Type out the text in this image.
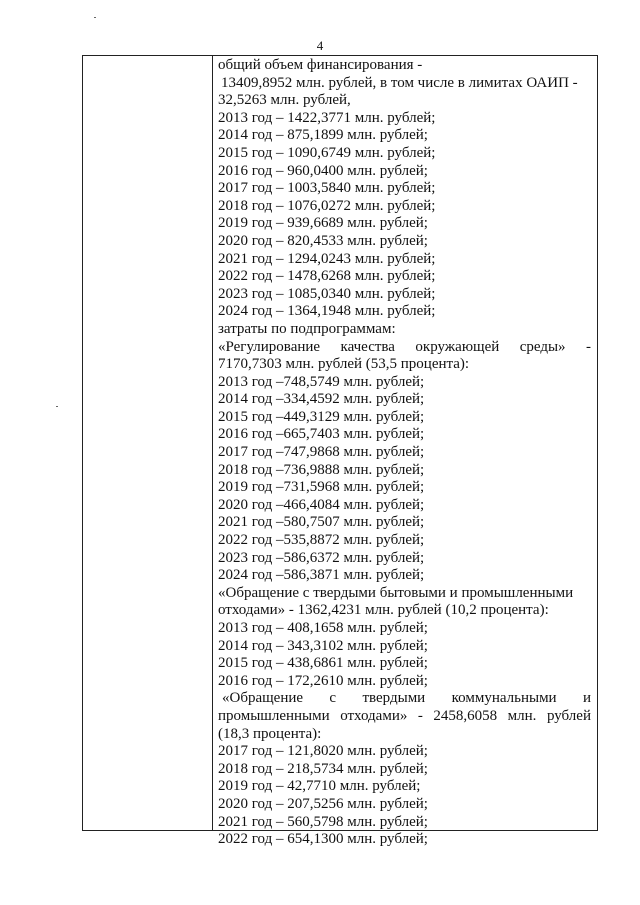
4
общий объем финансирования -
13409,8952 млн. рублей, в том числе в лимитах ОАИП -
32,5263 млн. рублей,
2013 год – 1422,3771 млн. рублей;
2014 год – 875,1899 млн. рублей;
2015 год – 1090,6749 млн. рублей;
2016 год – 960,0400 млн. рублей;
2017 год – 1003,5840 млн. рублей;
2018 год – 1076,0272 млн. рублей;
2019 год – 939,6689 млн. рублей;
2020 год – 820,4533 млн. рублей;
2021 год – 1294,0243 млн. рублей;
2022 год – 1478,6268 млн. рублей;
2023 год – 1085,0340 млн. рублей;
2024 год – 1364,1948 млн. рублей;
затраты по подпрограммам:
«Регулирование качества окружающей среды» -
7170,7303 млн. рублей (53,5 процента):
2013 год –748,5749 млн. рублей;
2014 год –334,4592 млн. рублей;
2015 год –449,3129 млн. рублей;
2016 год –665,7403 млн. рублей;
2017 год –747,9868 млн. рублей;
2018 год –736,9888 млн. рублей;
2019 год –731,5968 млн. рублей;
2020 год –466,4084 млн. рублей;
2021 год –580,7507 млн. рублей;
2022 год –535,8872 млн. рублей;
2023 год –586,6372 млн. рублей;
2024 год –586,3871 млн. рублей;
«Обращение с твердыми бытовыми и промышленными
отходами» - 1362,4231 млн. рублей (10,2 процента):
2013 год – 408,1658 млн. рублей;
2014 год – 343,3102 млн. рублей;
2015 год – 438,6861 млн. рублей;
2016 год – 172,2610 млн. рублей;
«Обращение с твердыми коммунальными и
промышленными отходами» - 2458,6058 млн. рублей
(18,3 процента):
2017 год – 121,8020 млн. рублей;
2018 год – 218,5734 млн. рублей;
2019 год – 42,7710 млн. рублей;
2020 год – 207,5256 млн. рублей;
2021 год – 560,5798 млн. рублей;
2022 год – 654,1300 млн. рублей;
